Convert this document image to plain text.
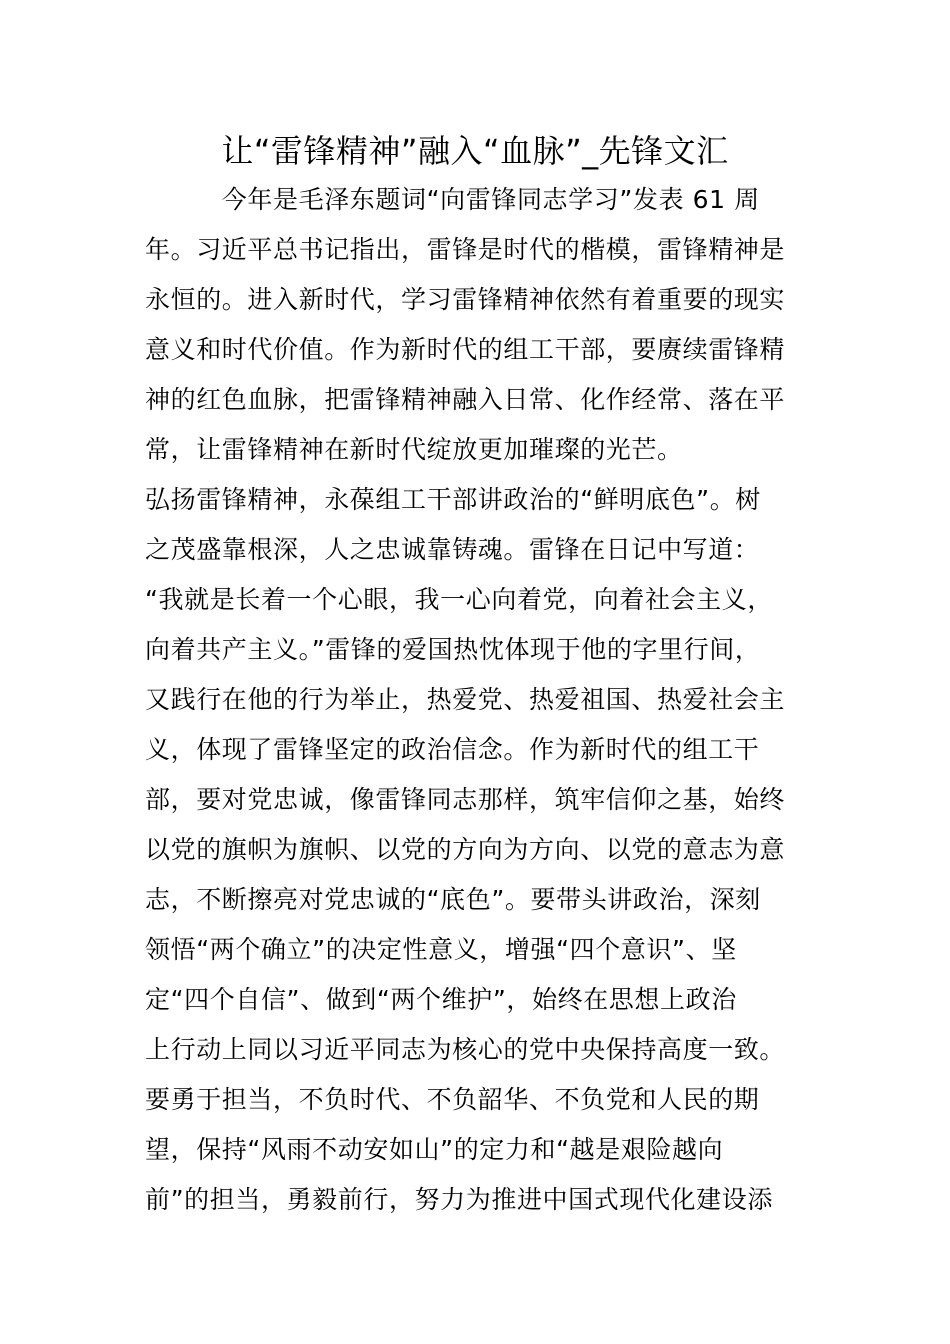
让“雷锋精神”融入“血脉”_先锋文汇
　　　今年是毛泽东题词“向雷锋同志学习”发表 61 周
年。习近平总书记指出，雷锋是时代的楷模，雷锋精神是
永恒的。进入新时代，学习雷锋精神依然有着重要的现实
意义和时代价值。作为新时代的组工干部，要赓续雷锋精
神的红色血脉，把雷锋精神融入日常、化作经常、落在平
常，让雷锋精神在新时代绽放更加璀璨的光芒。
弘扬雷锋精神，永葆组工干部讲政治的“鲜明底色”。树
之茂盛靠根深，人之忠诚靠铸魂。雷锋在日记中写道：
“我就是长着一个心眼，我一心向着党，向着社会主义，
向着共产主义。”雷锋的爱国热忱体现于他的字里行间，
又践行在他的行为举止，热爱党、热爱祖国、热爱社会主
义，体现了雷锋坚定的政治信念。作为新时代的组工干
部，要对党忠诚，像雷锋同志那样，筑牢信仰之基，始终
以党的旗帜为旗帜、以党的方向为方向、以党的意志为意
志，不断擦亮对党忠诚的“底色”。要带头讲政治，深刻
领悟“两个确立”的决定性意义，增强“四个意识”、坚
定“四个自信”、做到“两个维护”，始终在思想上政治
上行动上同以习近平同志为核心的党中央保持高度一致。
要勇于担当，不负时代、不负韶华、不负党和人民的期
望，保持“风雨不动安如山”的定力和“越是艰险越向
前”的担当，勇毅前行，努力为推进中国式现代化建设添
